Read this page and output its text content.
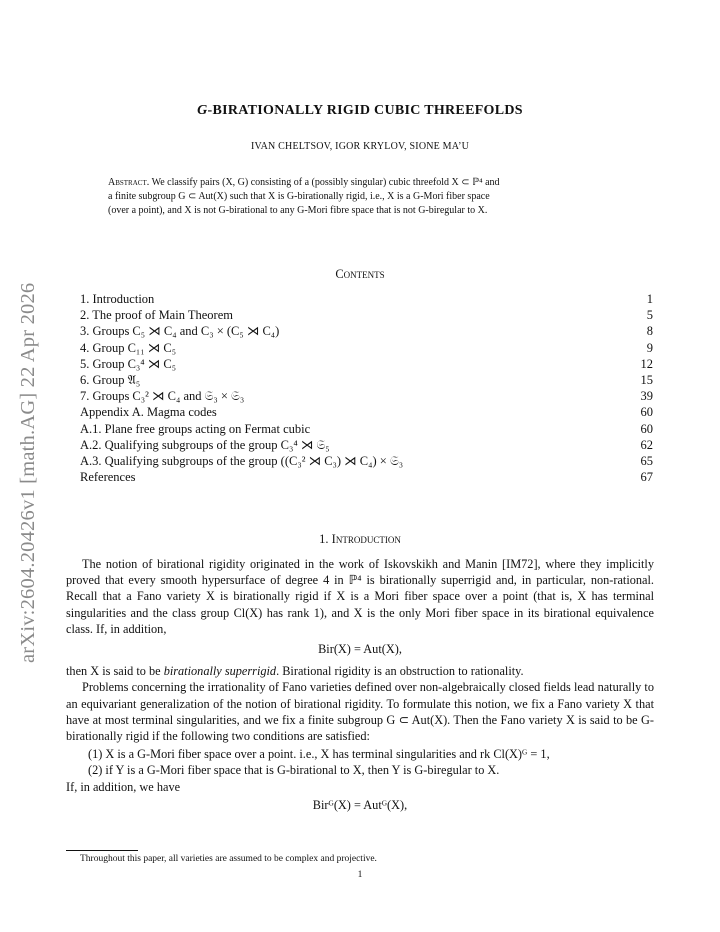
arXiv:2604.20426v1 [math.AG] 22 Apr 2026
G-BIRATIONALLY RIGID CUBIC THREEFOLDS
IVAN CHELTSOV, IGOR KRYLOV, SIONE MA’U
Abstract. We classify pairs (X, G) consisting of a (possibly singular) cubic threefold X ⊂ ℙ⁴ and
a finite subgroup G ⊂ Aut(X) such that X is G-birationally rigid, i.e., X is a G-Mori fiber space
(over a point), and X is not G-birational to any G-Mori fibre space that is not G-biregular to X.
Contents
1. Introduction	1
2. The proof of Main Theorem	5
3. Groups C₅ ⋊ C₄ and C₃ × (C₅ ⋊ C₄)	8
4. Group C₁₁ ⋊ C₅	9
5. Group C₃⁴ ⋊ C₅	12
6. Group 𝔄₅	15
7. Groups C₃² ⋊ C₄ and 𝔖₃ × 𝔖₃	39
Appendix A. Magma codes	60
A.1. Plane free groups acting on Fermat cubic	60
A.2. Qualifying subgroups of the group C₃⁴ ⋊ 𝔖₅	62
A.3. Qualifying subgroups of the group ((C₃² ⋊ C₃) ⋊ C₄) × 𝔖₃	65
References	67
1. Introduction

The notion of birational rigidity originated in the work of Iskovskikh and Manin [IM72], where they implicitly proved that every smooth hypersurface of degree 4 in ℙ⁴ is birationally superrigid and, in particular, non-rational. Recall that a Fano variety X is birationally rigid if X is a Mori fiber space over a point (that is, X has terminal singularities and the class group Cl(X) has rank 1), and X is the only Mori fiber space in its birational equivalence class. If, in addition,

Bir(X) = Aut(X),

then X is said to be birationally superrigid. Birational rigidity is an obstruction to rationality.

Problems concerning the irrationality of Fano varieties defined over non-algebraically closed fields lead naturally to an equivariant generalization of the notion of birational rigidity. To formulate this notion, we fix a Fano variety X that have at most terminal singularities, and we fix a finite subgroup G ⊂ Aut(X). Then the Fano variety X is said to be G-birationally rigid if the following two conditions are satisfied:

(1) X is a G-Mori fiber space over a point. i.e., X has terminal singularities and rk Cl(X)ᴳ = 1,

(2) if Y is a G-Mori fiber space that is G-birational to X, then Y is G-biregular to X.

If, in addition, we have

Birᴳ(X) = Autᴳ(X),
Throughout this paper, all varieties are assumed to be complex and projective.
1
